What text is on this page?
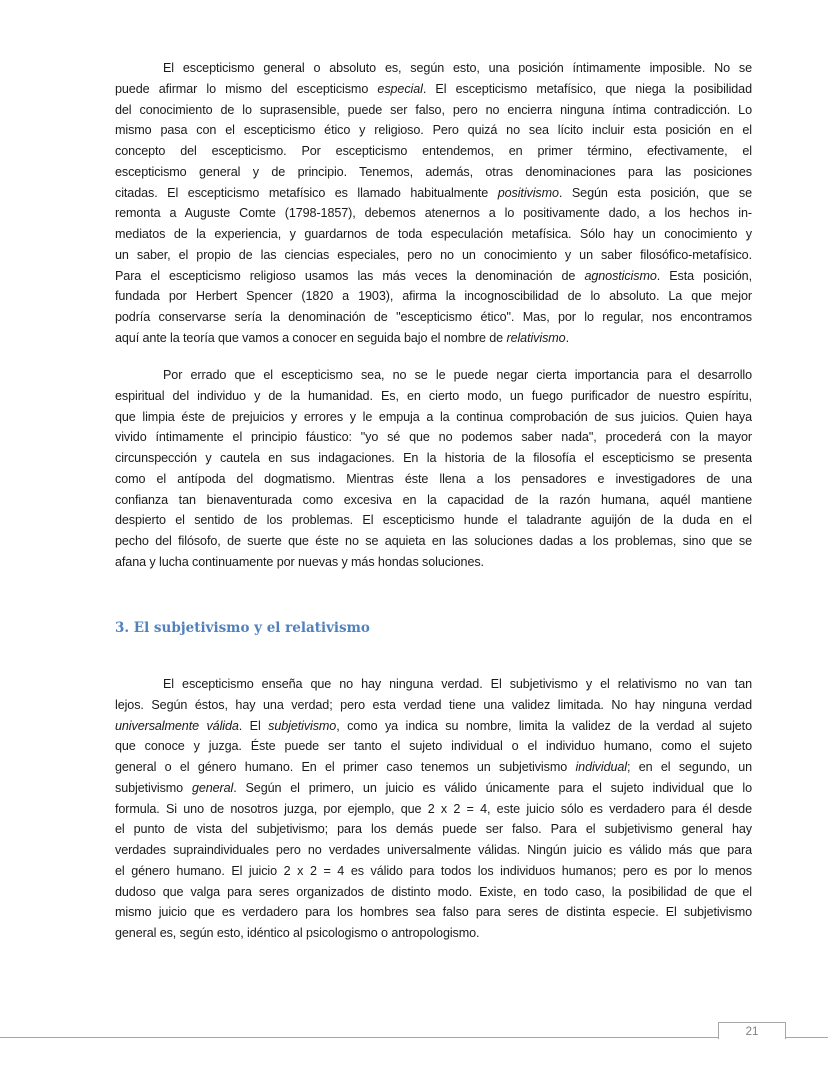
El escepticismo general o absoluto es, según esto, una posición íntimamente imposible. No se
puede afirmar lo mismo del escepticismo especial. El escepticismo metafísico, que niega la posibilidad
del conocimiento de lo suprasensible, puede ser falso, pero no encierra ninguna íntima contradicción. Lo
mismo pasa con el escepticismo ético y religioso. Pero quizá no sea lícito incluir esta posición en el
concepto del escepticismo. Por escepticismo entendemos, en primer término, efectivamente, el
escepticismo general y de principio. Tenemos, además, otras denominaciones para las posiciones
citadas. El escepticismo metafísico es llamado habitualmente positivismo. Según esta posición, que se
remonta a Auguste Comte (1798-1857), debemos atenernos a lo positivamente dado, a los hechos in-
mediatos de la experiencia, y guardarnos de toda especulación metafísica. Sólo hay un conocimiento y
un saber, el propio de las ciencias especiales, pero no un conocimiento y un saber filosófico-metafísico.
Para el escepticismo religioso usamos las más veces la denominación de agnosticismo. Esta posición,
fundada por Herbert Spencer (1820 a 1903), afirma la incognoscibilidad de lo absoluto. La que mejor
podría conservarse sería la denominación de "escepticismo ético". Mas, por lo regular, nos encontramos
aquí ante la teoría que vamos a conocer en seguida bajo el nombre de relativismo.
Por errado que el escepticismo sea, no se le puede negar cierta importancia para el desarrollo
espiritual del individuo y de la humanidad. Es, en cierto modo, un fuego purificador de nuestro espíritu,
que limpia éste de prejuicios y errores y le empuja a la continua comprobación de sus juicios. Quien haya
vivido íntimamente el principio fáustico: "yo sé que no podemos saber nada", procederá con la mayor
circunspección y cautela en sus indagaciones. En la historia de la filosofía el escepticismo se presenta
como el antípoda del dogmatismo. Mientras éste llena a los pensadores e investigadores de una
confianza tan bienaventurada como excesiva en la capacidad de la razón humana, aquél mantiene
despierto el sentido de los problemas. El escepticismo hunde el taladrante aguijón de la duda en el
pecho del filósofo, de suerte que éste no se aquieta en las soluciones dadas a los problemas, sino que se
afana y lucha continuamente por nuevas y más hondas soluciones.
3. El subjetivismo y el relativismo
El escepticismo enseña que no hay ninguna verdad. El subjetivismo y el relativismo no van tan
lejos. Según éstos, hay una verdad; pero esta verdad tiene una validez limitada. No hay ninguna verdad
universalmente válida. El subjetivismo, como ya indica su nombre, limita la validez de la verdad al sujeto
que conoce y juzga. Éste puede ser tanto el sujeto individual o el individuo humano, como el sujeto
general o el género humano. En el primer caso tenemos un subjetivismo individual; en el segundo, un
subjetivismo general. Según el primero, un juicio es válido únicamente para el sujeto individual que lo
formula. Si uno de nosotros juzga, por ejemplo, que 2 x 2 = 4, este juicio sólo es verdadero para él desde
el punto de vista del subjetivismo; para los demás puede ser falso. Para el subjetivismo general hay
verdades supraindividuales pero no verdades universalmente válidas. Ningún juicio es válido más que para
el género humano. El juicio 2 x 2 = 4 es válido para todos los individuos humanos; pero es por lo menos
dudoso que valga para seres organizados de distinto modo. Existe, en todo caso, la posibilidad de que el
mismo juicio que es verdadero para los hombres sea falso para seres de distinta especie. El subjetivismo
general es, según esto, idéntico al psicologismo o antropologismo.
21
